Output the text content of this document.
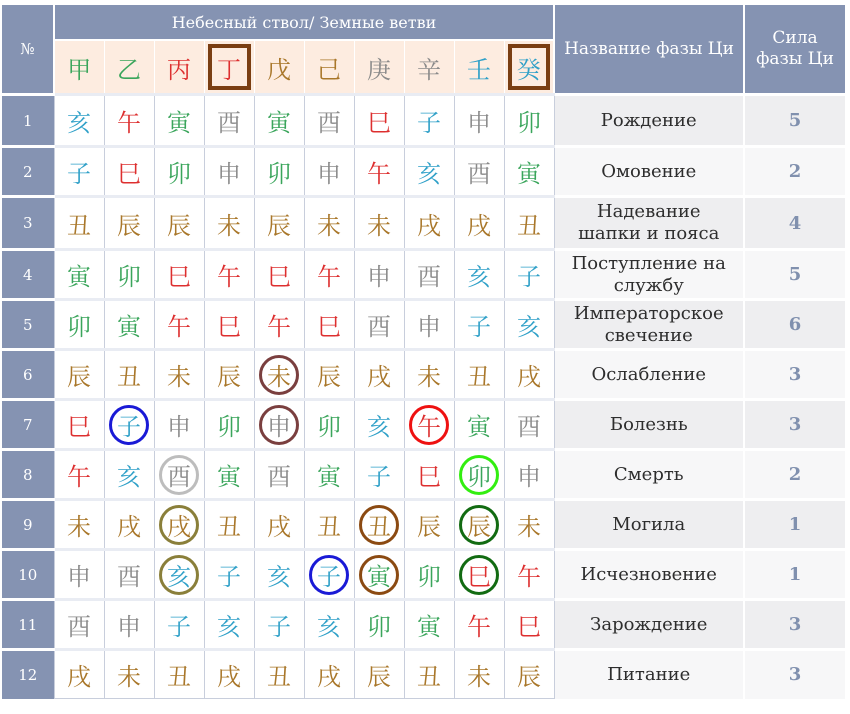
№	Небесный ствол/ Земные ветви										Название фазы Ци	Сила
фазы Ци
	甲	乙	丙	丁	戊	己	庚	辛	壬	癸		
1	亥	午	寅	酉	寅	酉	巳	子	申	卯	Рождение	5
2	子	巳	卯	申	卯	申	午	亥	酉	寅	Омовение	2
3	丑	辰	辰	未	辰	未	未	戌	戌	丑	Надевание
шапки и пояса	4
4	寅	卯	巳	午	巳	午	申	酉	亥	子	Поступление на
службу	5
5	卯	寅	午	巳	午	巳	酉	申	子	亥	Императорское
свечение	6
6	辰	丑	未	辰	未	辰	戌	未	丑	戌	Ослабление	3
7	巳	子	申	卯	申	卯	亥	午	寅	酉	Болезнь	3
8	午	亥	酉	寅	酉	寅	子	巳	卯	申	Смерть	2
9	未	戌	戌	丑	戌	丑	丑	辰	辰	未	Могила	1
10	申	酉	亥	子	亥	子	寅	卯	巳	午	Исчезновение	1
11	酉	申	子	亥	子	亥	卯	寅	午	巳	Зарождение	3
12	戌	未	丑	戌	丑	戌	辰	丑	未	辰	Питание	3
